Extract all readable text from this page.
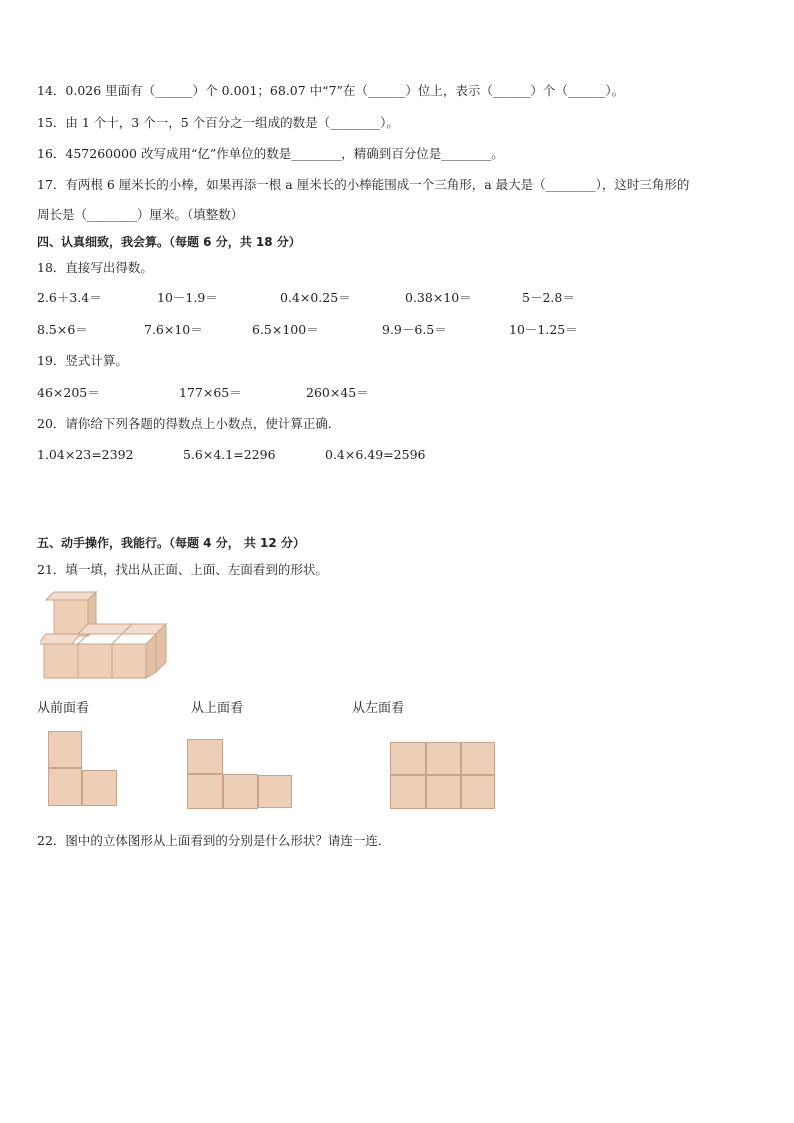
14．0.026 里面有（______）个 0.001；68.07 中“7”在（______）位上，表示（______）个（______）。
15．由 1 个十，3 个一，5 个百分之一组成的数是（________）。
16．457260000 改写成用“亿”作单位的数是________，精确到百分位是________。
17．有两根 6 厘米长的小棒，如果再添一根 a 厘米长的小棒能围成一个三角形，a 最大是（________），这时三角形的
周长是（________）厘米。（填整数）
四、认真细致，我会算。（每题 6 分，共 18 分）
18．直接写出得数。
2.6＋3.4＝	10－1.9＝	0.4×0.25＝	0.38×10＝	5－2.8＝
8.5×6＝	7.6×10＝	6.5×100＝	9.9－6.5＝	10－1.25＝
19．竖式计算。
46×205＝	177×65＝	260×45＝
20．请你给下列各题的得数点上小数点，使计算正确．
1.04×23=2392	5.6×4.1=2296	0.4×6.49=2596
五、动手操作，我能行。（每题 4 分， 共 12 分）
21．填一填，找出从正面、上面、左面看到的形状。
从前面看	从上面看	从左面看
22．图中的立体图形从上面看到的分别是什么形状？请连一连．
